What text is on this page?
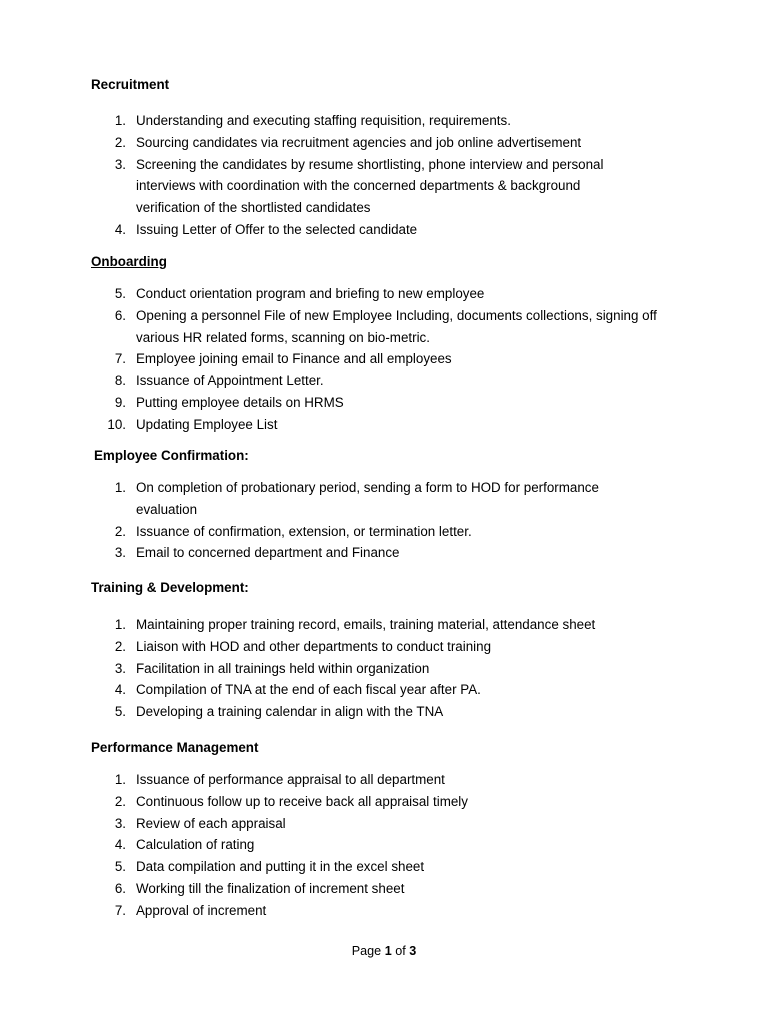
Recruitment
1. Understanding and executing staffing requisition, requirements.
2. Sourcing candidates via recruitment agencies and job online advertisement
3. Screening the candidates by resume shortlisting, phone interview and personal interviews with coordination with the concerned departments & background verification of the shortlisted candidates
4. Issuing Letter of Offer to the selected candidate
Onboarding
5. Conduct orientation program and briefing to new employee
6. Opening a personnel File of new Employee Including, documents collections, signing off various HR related forms, scanning on bio-metric.
7. Employee joining email to Finance and all employees
8. Issuance of Appointment Letter.
9. Putting employee details on HRMS
10. Updating Employee List
Employee Confirmation:
1. On completion of probationary period, sending a form to HOD for performance evaluation
2. Issuance of confirmation, extension, or termination letter.
3. Email to concerned department and Finance
Training & Development:
1. Maintaining proper training record, emails, training material, attendance sheet
2. Liaison with HOD and other departments to conduct training
3. Facilitation in all trainings held within organization
4. Compilation of TNA at the end of each fiscal year after PA.
5. Developing a training calendar in align with the TNA
Performance Management
1. Issuance of performance appraisal to all department
2. Continuous follow up to receive back all appraisal timely
3. Review of each appraisal
4. Calculation of rating
5. Data compilation and putting it in the excel sheet
6. Working till the finalization of increment sheet
7. Approval of increment
Page 1 of 3
